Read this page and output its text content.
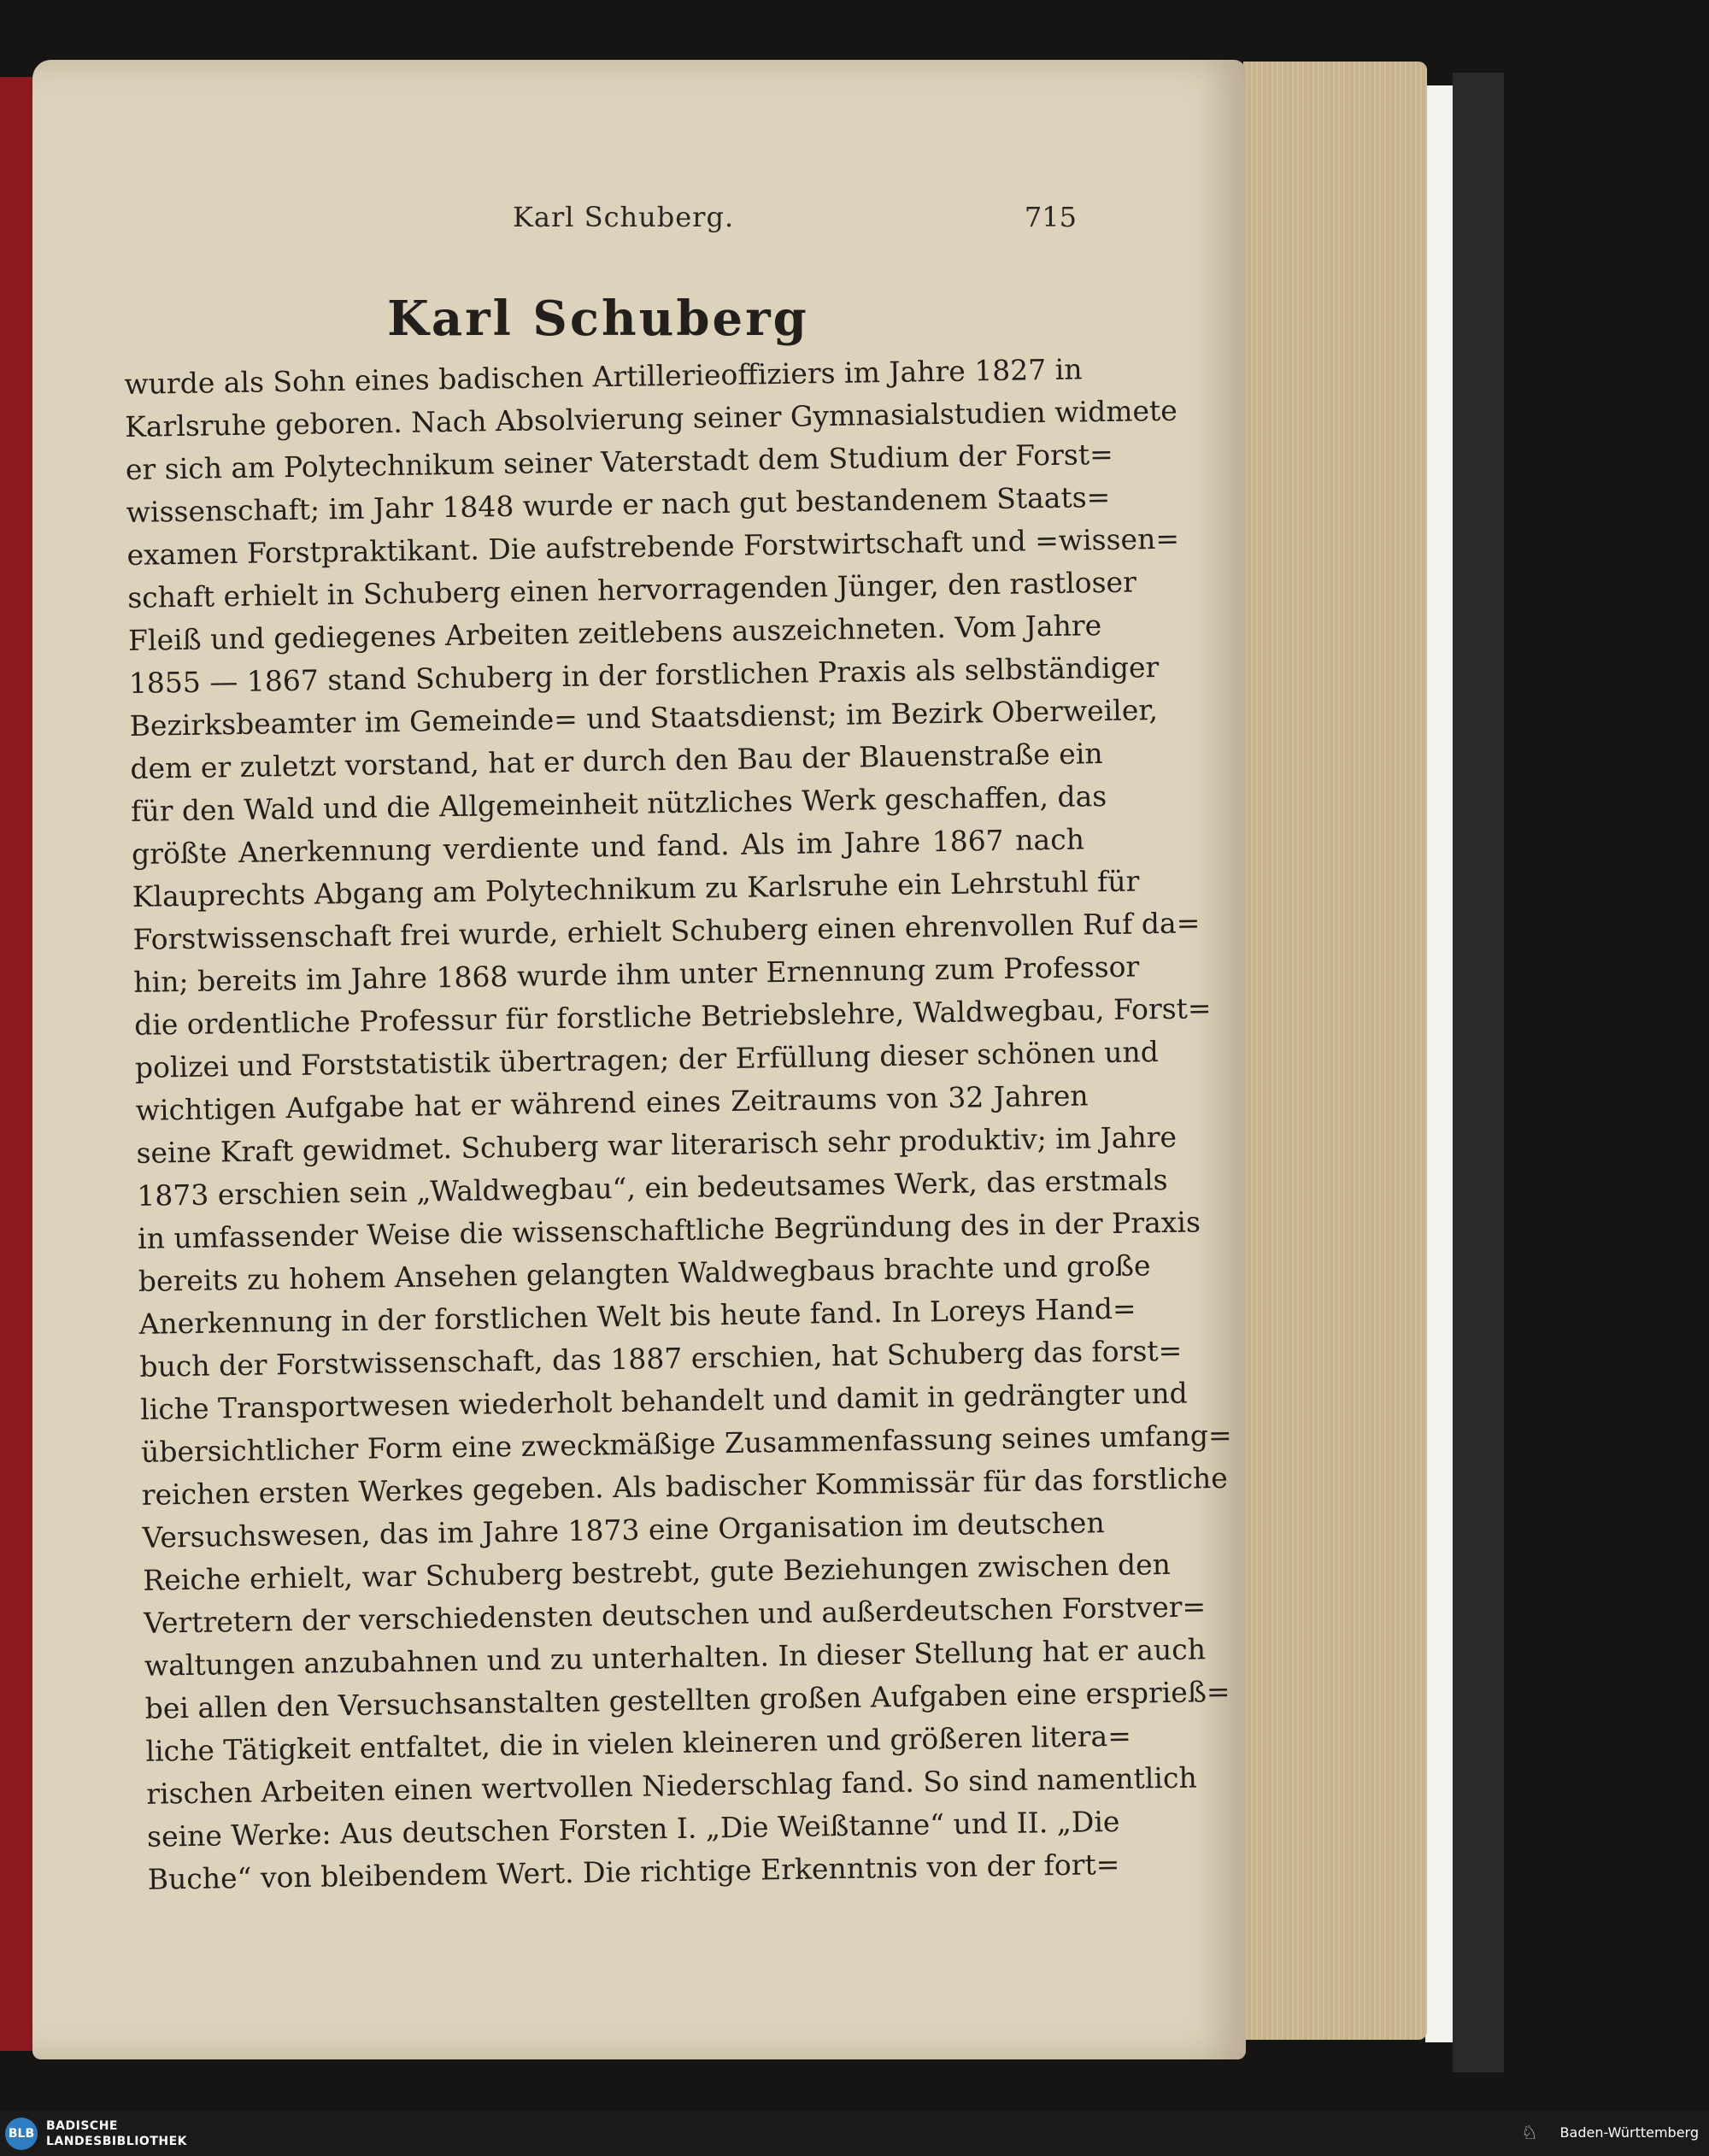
Karl Schuberg.	715
Karl Schuberg
wurde als Sohn eines badischen Artillerieoffiziers im Jahre 1827 in
Karlsruhe geboren. Nach Absolvierung seiner Gymnasialstudien widmete
er sich am Polytechnikum seiner Vaterstadt dem Studium der Forst=
wissenschaft; im Jahr 1848 wurde er nach gut bestandenem Staats=
examen Forstpraktikant. Die aufstrebende Forstwirtschaft und =wissen=
schaft erhielt in Schuberg einen hervorragenden Jünger, den rastloser
Fleiß und gediegenes Arbeiten zeitlebens auszeichneten. Vom Jahre
1855 — 1867 stand Schuberg in der forstlichen Praxis als selbständiger
Bezirksbeamter im Gemeinde= und Staatsdienst; im Bezirk Oberweiler,
dem er zuletzt vorstand, hat er durch den Bau der Blauenstraße ein
für den Wald und die Allgemeinheit nützliches Werk geschaffen, das
größte Anerkennung verdiente und fand. Als im Jahre 1867 nach
Klauprechts Abgang am Polytechnikum zu Karlsruhe ein Lehrstuhl für
Forstwissenschaft frei wurde, erhielt Schuberg einen ehrenvollen Ruf da=
hin; bereits im Jahre 1868 wurde ihm unter Ernennung zum Professor
die ordentliche Professur für forstliche Betriebslehre, Waldwegbau, Forst=
polizei und Forststatistik übertragen; der Erfüllung dieser schönen und
wichtigen Aufgabe hat er während eines Zeitraums von 32 Jahren
seine Kraft gewidmet. Schuberg war literarisch sehr produktiv; im Jahre
1873 erschien sein „Waldwegbau“, ein bedeutsames Werk, das erstmals
in umfassender Weise die wissenschaftliche Begründung des in der Praxis
bereits zu hohem Ansehen gelangten Waldwegbaus brachte und große
Anerkennung in der forstlichen Welt bis heute fand. In Loreys Hand=
buch der Forstwissenschaft, das 1887 erschien, hat Schuberg das forst=
liche Transportwesen wiederholt behandelt und damit in gedrängter und
übersichtlicher Form eine zweckmäßige Zusammenfassung seines umfang=
reichen ersten Werkes gegeben. Als badischer Kommissär für das forstliche
Versuchswesen, das im Jahre 1873 eine Organisation im deutschen
Reiche erhielt, war Schuberg bestrebt, gute Beziehungen zwischen den
Vertretern der verschiedensten deutschen und außerdeutschen Forstver=
waltungen anzubahnen und zu unterhalten. In dieser Stellung hat er auch
bei allen den Versuchsanstalten gestellten großen Aufgaben eine ersprieß=
liche Tätigkeit entfaltet, die in vielen kleineren und größeren litera=
rischen Arbeiten einen wertvollen Niederschlag fand. So sind namentlich
seine Werke: Aus deutschen Forsten I. „Die Weißtanne“ und II. „Die
Buche“ von bleibendem Wert. Die richtige Erkenntnis von der fort=
BLB
BADISCHE
LANDESBIBLIOTHEK	♘ Baden-Württemberg
